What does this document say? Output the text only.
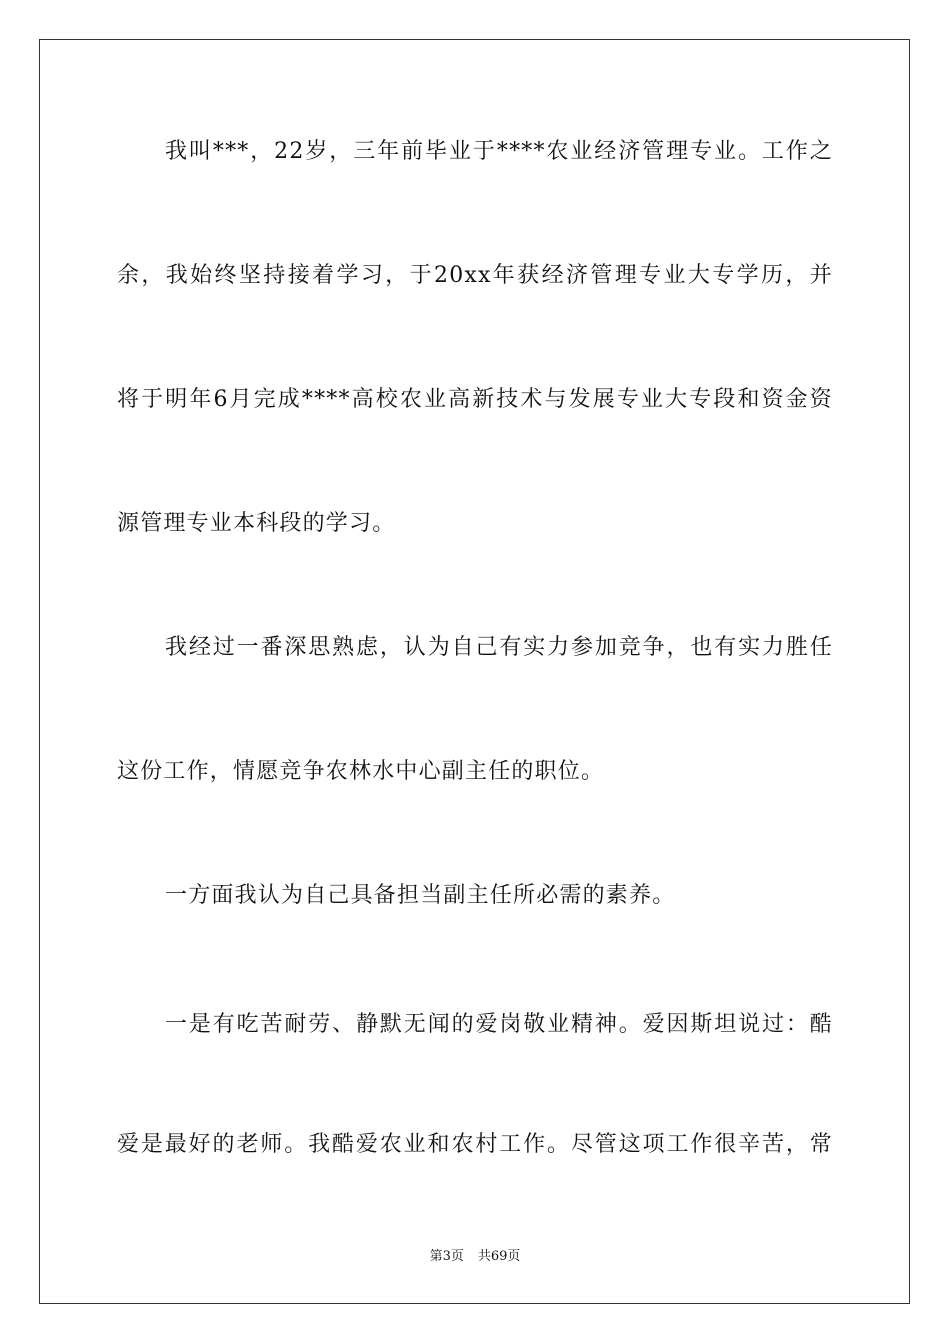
我叫***，22岁，三年前毕业于****农业经济管理专业。工作之
余，我始终坚持接着学习，于20xx年获经济管理专业大专学历，并
将于明年6月完成****高校农业高新技术与发展专业大专段和资金资
源管理专业本科段的学习。
我经过一番深思熟虑，认为自己有实力参加竞争，也有实力胜任
这份工作，情愿竞争农林水中心副主任的职位。
一方面我认为自己具备担当副主任所必需的素养。
一是有吃苦耐劳、静默无闻的爱岗敬业精神。爱因斯坦说过：酷
爱是最好的老师。我酷爱农业和农村工作。尽管这项工作很辛苦，常
第3页 共69页
